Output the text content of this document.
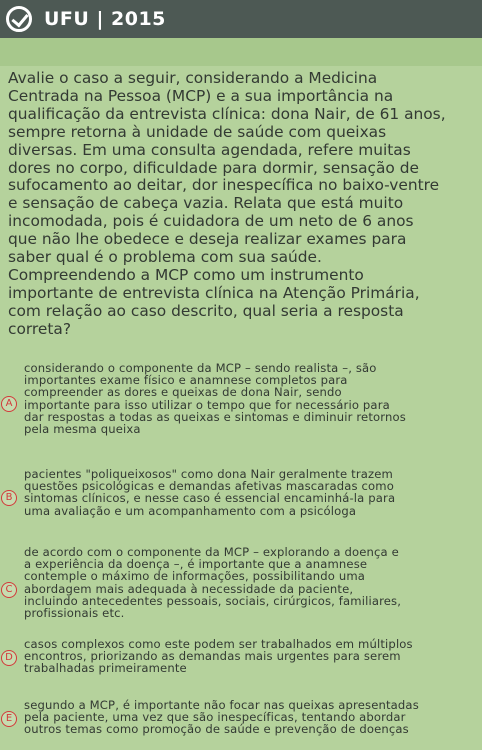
UFU | 2015
Avalie o caso a seguir, considerando a Medicina
Centrada na Pessoa (MCP) e a sua importância na
qualificação da entrevista clínica: dona Nair, de 61 anos,
sempre retorna à unidade de saúde com queixas
diversas. Em uma consulta agendada, refere muitas
dores no corpo, dificuldade para dormir, sensação de
sufocamento ao deitar, dor inespecífica no baixo-ventre
e sensação de cabeça vazia. Relata que está muito
incomodada, pois é cuidadora de um neto de 6 anos
que não lhe obedece e deseja realizar exames para
saber qual é o problema com sua saúde.
Compreendendo a MCP como um instrumento
importante de entrevista clínica na Atenção Primária,
com relação ao caso descrito, qual seria a resposta
correta?
A
considerando o componente da MCP – sendo realista –, são
importantes exame físico e anamnese completos para
compreender as dores e queixas de dona Nair, sendo
importante para isso utilizar o tempo que for necessário para
dar respostas a todas as queixas e sintomas e diminuir retornos
pela mesma queixa
B
pacientes "poliqueixosos" como dona Nair geralmente trazem
questões psicológicas e demandas afetivas mascaradas como
sintomas clínicos, e nesse caso é essencial encaminhá-la para
uma avaliação e um acompanhamento com a psicóloga
C
de acordo com o componente da MCP – explorando a doença e
a experiência da doença –, é importante que a anamnese
contemple o máximo de informações, possibilitando uma
abordagem mais adequada à necessidade da paciente,
incluindo antecedentes pessoais, sociais, cirúrgicos, familiares,
profissionais etc.
D
casos complexos como este podem ser trabalhados em múltiplos
encontros, priorizando as demandas mais urgentes para serem
trabalhadas primeiramente
E
segundo a MCP, é importante não focar nas queixas apresentadas
pela paciente, uma vez que são inespecíficas, tentando abordar
outros temas como promoção de saúde e prevenção de doenças
